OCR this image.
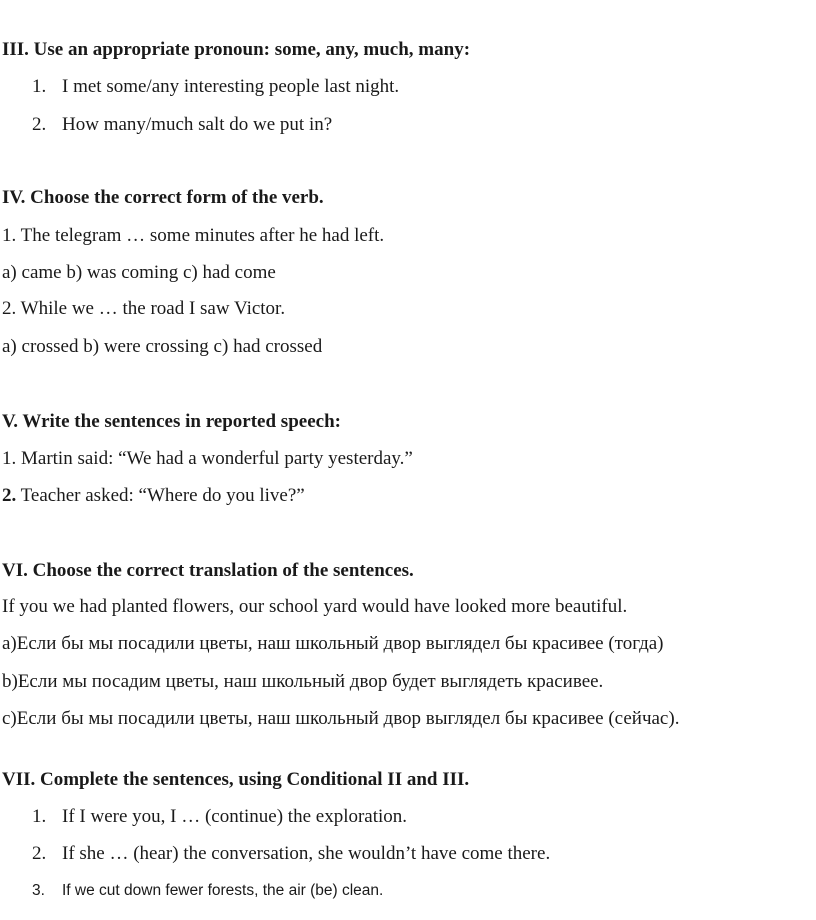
III. Use an appropriate pronoun: some, any, much, many:
1. I met some/any interesting people last night.
2. How many/much salt do we put in?
IV. Choose the correct form of the verb.
1. The telegram … some minutes after he had left.
a) came b) was coming c) had come
2. While we … the road I saw Victor.
a) crossed b) were crossing c) had crossed
V. Write the sentences in reported speech:
1. Martin said: “We had a wonderful party yesterday.”
2. Teacher asked: “Where do you live?”
VI. Choose the correct translation of the sentences.
If you we had planted flowers, our school yard would have looked more beautiful.
a)Если бы мы посадили цветы, наш школьный двор выглядел бы красивее (тогда)
b)Если мы посадим цветы, наш школьный двор будет выглядеть красивее.
c)Если бы мы посадили цветы, наш школьный двор выглядел бы красивее (сейчас).
VII. Complete the sentences, using Conditional II and III.
1. If I were you, I … (continue) the exploration.
2. If she … (hear) the conversation, she wouldn’t have come there.
3. If we cut down fewer forests, the air (be) clean.
